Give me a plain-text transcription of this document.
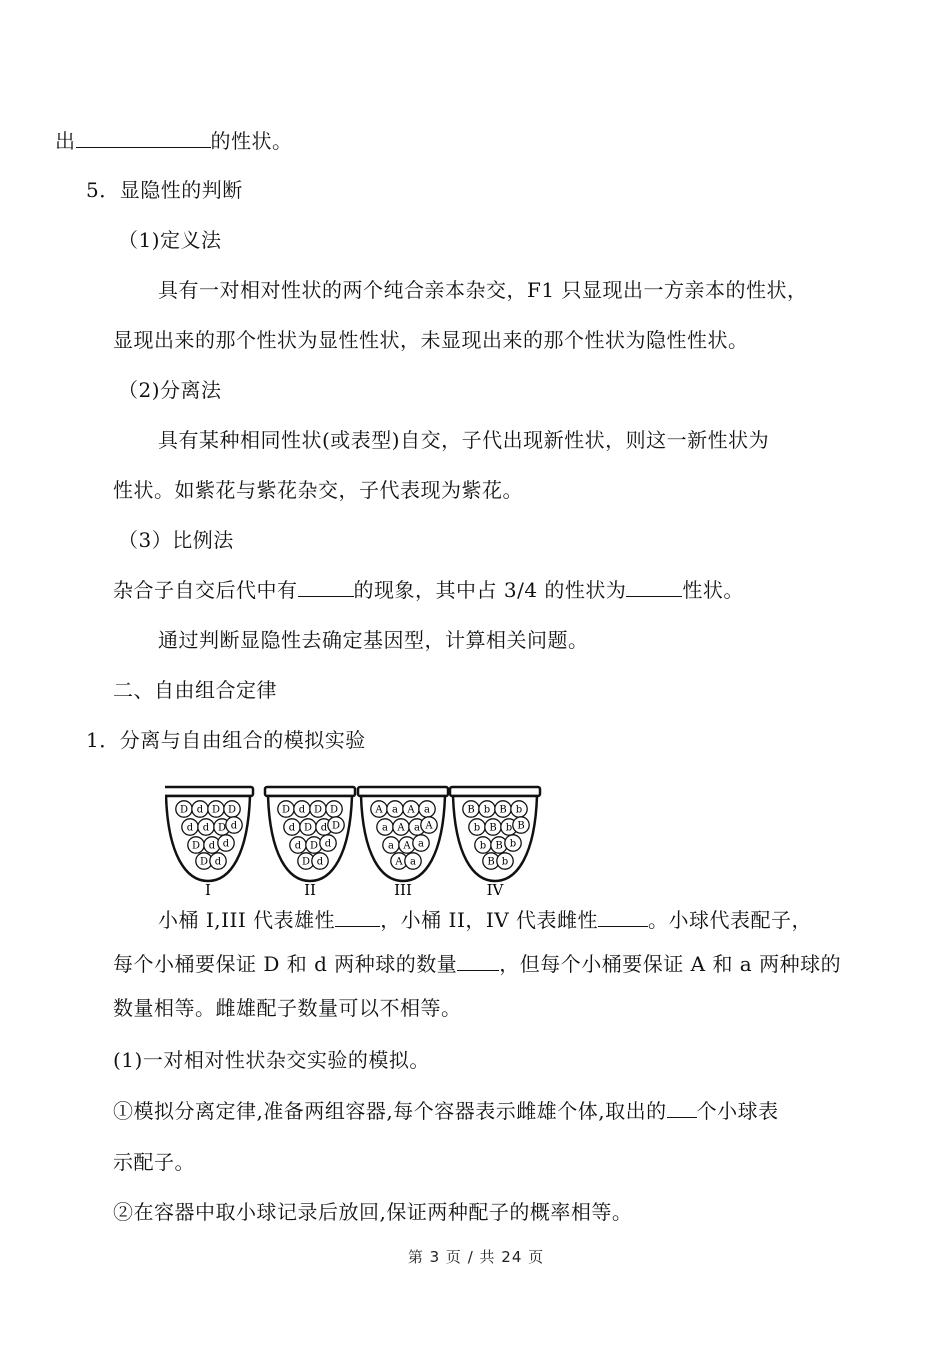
出	的性状。
5．显隐性的判断
（1)定义法
具有一对相对性状的两个纯合亲本杂交，F1 只显现出一方亲本的性状，
显现出来的那个性状为显性性状，未显现出来的那个性状为隐性性状。
（2)分离法
具有某种相同性状(或表型)自交，子代出现新性状，则这一新性状为
性状。如紫花与紫花杂交，子代表现为紫花。
（3）比例法
杂合子自交后代中有	的现象，其中占 3/4 的性状为	性状。
通过判断显隐性去确定基因型，计算相关问题。
二、自由组合定律
1．分离与自由组合的模拟实验
D d D D
d d D d
D d d
D d
I
D d D D
d D d D
d D d
D d
II
A a A a
a A a A
a A a
A a
III
B b B b
b B b B
b B b
B b
IV
小桶 I,III 代表雄性 ，小桶 II，IV 代表雌性	。小球代表配子，
每个小桶要保证 D 和 d 两种球的数量 ，但每个小桶要保证 A 和 a 两种球的
数量相等。雌雄配子数量可以不相等。
(1)一对相对性状杂交实验的模拟。
①模拟分离定律,准备两组容器,每个容器表示雌雄个体,取出的 个小球表
示配子。
②在容器中取小球记录后放回,保证两种配子的概率相等。
第 3 页 / 共 24 页
